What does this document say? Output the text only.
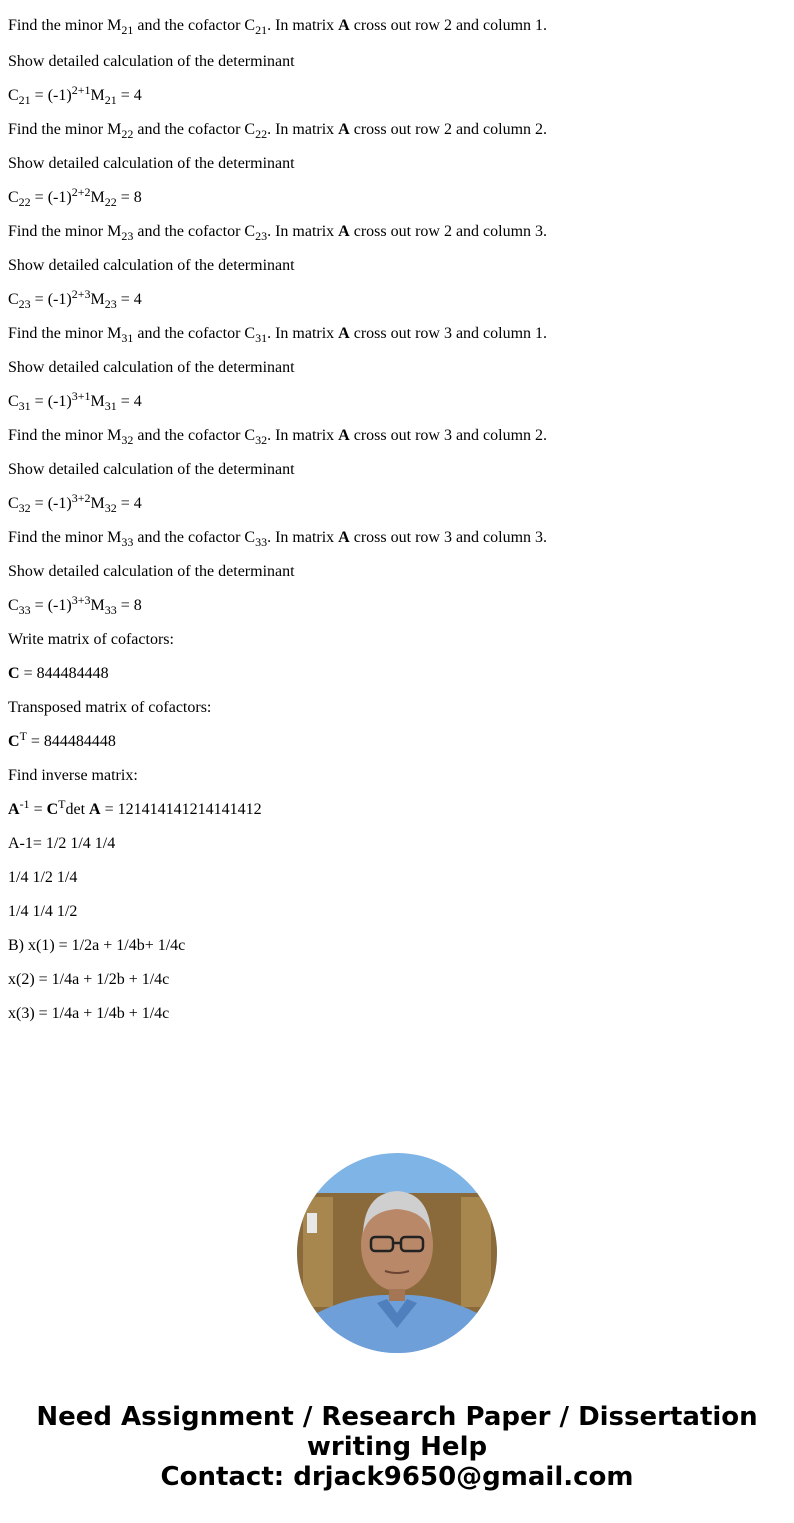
Find the minor $M_{21}$ and the cofactor $C_{21}$. In matrix A cross out row 2 and column 1.
Show detailed calculation of the determinant
$C_{21} = (-1)^{2+1}M_{21} = 4$
Find the minor $M_{22}$ and the cofactor $C_{22}$. In matrix A cross out row 2 and column 2.
Show detailed calculation of the determinant
$C_{22} = (-1)^{2+2}M_{22} = 8$
Find the minor $M_{23}$ and the cofactor $C_{23}$. In matrix A cross out row 2 and column 3.
Show detailed calculation of the determinant
$C_{23} = (-1)^{2+3}M_{23} = 4$
Find the minor $M_{31}$ and the cofactor $C_{31}$. In matrix A cross out row 3 and column 1.
Show detailed calculation of the determinant
$C_{31} = (-1)^{3+1}M_{31} = 4$
Find the minor $M_{32}$ and the cofactor $C_{32}$. In matrix A cross out row 3 and column 2.
Show detailed calculation of the determinant
$C_{32} = (-1)^{3+2}M_{32} = 4$
Find the minor $M_{33}$ and the cofactor $C_{33}$. In matrix A cross out row 3 and column 3.
Show detailed calculation of the determinant
$C_{33} = (-1)^{3+3}M_{33} = 8$
Write matrix of cofactors:
C = 844484448
Transposed matrix of cofactors:
$C^T = 844484448$
Find inverse matrix:
$A^{-1} = C^T\det$ A = 121414141214141412
A-1= 1/2 1/4 1/4
1/4 1/2 1/4
1/4 1/4 1/2
B) x(1) = 1/2a + 1/4b+ 1/4c
x(2) = 1/4a + 1/2b + 1/4c
x(3) = 1/4a + 1/4b + 1/4c
Need Assignment / Research Paper / Dissertation
writing Help
Contact: drjack9650@gmail.com
